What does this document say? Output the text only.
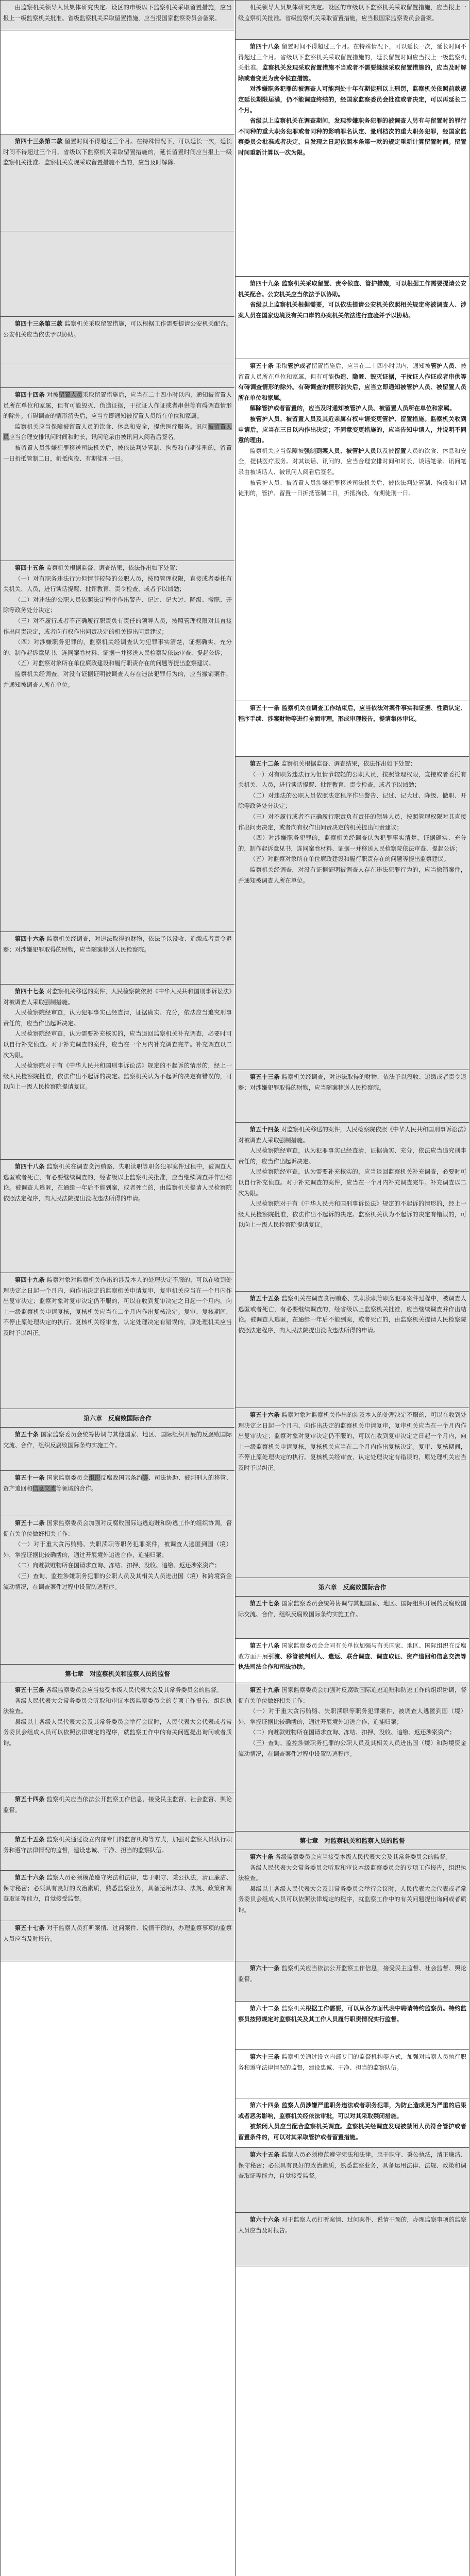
由监察机关领导人员集体研究决定。设区的市级以下监察机关采取留置措施，应当报上一级监察机关批准。省级监察机关采取留置措施，应当报国家监察委员会备案。

第四十三条第二款 留置时间不得超过三个月。在特殊情况下，可以延长一次，延长时间不得超过三个月。省级以下监察机关采取留置措施的，延长留置时间应当报上一级监察机关批准。监察机关发现采取留置措施不当的，应当及时解除。

第四十三条第三款 监察机关采取留置措施，可以根据工作需要提请公安机关配合。公安机关应当依法予以协助。

第四十四条 对被留置人员采取留置措施后，应当在二十四小时以内，通知被留置人员所在单位和家属，但有可能毁灭、伪造证据，干扰证人作证或者串供等有碍调查情形的除外。有碍调查的情形消失后，应当立即通知被留置人员所在单位和家属。

监察机关应当保障被留置人员的饮食、休息和安全，提供医疗服务。讯问被留置人员应当合理安排讯问时间和时长，讯问笔录由被讯问人阅看后签名。

被留置人员涉嫌犯罪移送司法机关后，被依法判处管制、拘役和有期徒刑的，留置一日折抵管制二日，折抵拘役、有期徒刑一日。

第四十五条 监察机关根据监督、调查结果，依法作出如下处置：

（一）对有职务违法行为但情节较轻的公职人员，按照管理权限，直接或者委托有关机关、人员，进行谈话提醒、批评教育、责令检查，或者予以诫勉；

（二）对违法的公职人员依照法定程序作出警告、记过、记大过、降级、撤职、开除等政务处分决定；

（三）对不履行或者不正确履行职责负有责任的领导人员，按照管理权限对其直接作出问责决定，或者向有权作出问责决定的机关提出问责建议；

（四）对涉嫌职务犯罪的，监察机关经调查认为犯罪事实清楚，证据确实、充分的，制作起诉意见书，连同案卷材料、证据一并移送人民检察院依法审查、提起公诉；

（五）对监察对象所在单位廉政建设和履行职责存在的问题等提出监察建议。

监察机关经调查，对没有证据证明被调查人存在违法犯罪行为的，应当撤销案件，并通知被调查人所在单位。

第四十六条 监察机关经调查，对违法取得的财物，依法予以没收、追缴或者责令退赔；对涉嫌犯罪取得的财物，应当随案移送人民检察院。

第四十七条 对监察机关移送的案件，人民检察院依照《中华人民共和国刑事诉讼法》对被调查人采取强制措施。

人民检察院经审查，认为犯罪事实已经查清，证据确实、充分，依法应当追究刑事责任的，应当作出起诉决定。

人民检察院经审查，认为需要补充核实的，应当退回监察机关补充调查，必要时可以自行补充侦查。对于补充调查的案件，应当在一个月内补充调查完毕。补充调查以二次为限。

人民检察院对于有《中华人民共和国刑事诉讼法》规定的不起诉的情形的，经上一级人民检察院批准，依法作出不起诉的决定。监察机关认为不起诉的决定有错误的，可以向上一级人民检察院提请复议。

第四十八条 监察机关在调查贪污贿赂、失职渎职等职务犯罪案件过程中，被调查人逃匿或者死亡，有必要继续调查的，经省级以上监察机关批准，应当继续调查并作出结论。被调查人逃匿，在通缉一年后不能到案，或者死亡的，由监察机关提请人民检察院依照法定程序，向人民法院提出没收违法所得的申请。

第四十九条 监察对象对监察机关作出的涉及本人的处理决定不服的，可以在收到处理决定之日起一个月内，向作出决定的监察机关申请复审，复审机关应当在一个月内作出复审决定；监察对象对复审决定仍不服的，可以在收到复审决定之日起一个月内，向上一级监察机关申请复核，复核机关应当在二个月内作出复核决定。复审、复核期间，不停止原处理决定的执行。复核机关经审查，认定处理决定有错误的，原处理机关应当及时予以纠正。

第六章　反腐败国际合作

第五十条 国家监察委员会统筹协调与其他国家、地区、国际组织开展的反腐败国际交流、合作，组织反腐败国际条约实施工作。

第五十一条 国家监察委员会组织反腐败国际条约等、司法协助、被判刑人的移管、资产追回和信息交流等领域的合作。

第五十二条 国家监察委员会加强对反腐败国际追逃追赃和防逃工作的组织协调，督促有关单位做好相关工作：

（一）对于重大贪污贿赂、失职渎职等职务犯罪案件，被调查人逃匿到国（境）外，掌握证据比较确凿的，通过开展境外追逃合作，追捕归案；

（二）向赃款赃物所在国请求查询、冻结、扣押、没收、追缴、返还涉案资产；

（三）查询、监控涉嫌职务犯罪的公职人员及其相关人员进出国（境）和跨境资金流动情况，在调查案件过程中设置防逃程序。

第七章　对监察机关和监察人员的监督

第五十三条 各级监察委员会应当接受本级人民代表大会及其常务委员会的监督。

各级人民代表大会常务委员会听取和审议本级监察委员会的专项工作报告，组织执法检查。

县级以上各级人民代表大会及其常务委员会举行会议时，人民代表大会代表或者常务委员会组成人员可以依照法律规定的程序，就监察工作中的有关问题提出询问或者质询。

第五十四条 监察机关应当依法公开监察工作信息，接受民主监督、社会监督、舆论监督。

第五十五条 监察机关通过设立内部专门的监督机构等方式，加强对监察人员执行职务和遵守法律情况的监督，建设忠诚、干净、担当的监察队伍。

第五十六条 监察人员必须模范遵守宪法和法律，忠于职守、秉公执法，清正廉洁、保守秘密；必须具有良好的政治素质，熟悉监察业务，具备运用法律、法规、政策和调查取证等能力，自觉接受监督。

第五十七条 对于监察人员打听案情、过问案件、说情干预的，办理监察事项的监察人员应当及时报告。

机关领导人员集体研究决定。设区的市级以下监察机关采取留置措施，应当报上一级监察机关批准。省级监察机关采取留置措施，应当报国家监察委员会备案。

第四十八条 留置时间不得超过三个月。在特殊情况下，可以延长一次，延长时间不得超过三个月。省级以下监察机关采取留置措施的，延长留置时间应当报上一级监察机关批准。监察机关发现采取留置措施不当或者不需要继续采取留置措施的，应当及时解除或者变更为责令候查措施。

对涉嫌职务犯罪的被调查人可能判处十年有期徒刑以上刑罚，监察机关依照前款规定延长期限届满，仍不能调查终结的，经国家监察委员会批准或者决定，可以再延长二个月。

省级以上监察机关在调查期间，发现涉嫌职务犯罪的被调查人另有与留置时的罪行不同种的重大职务犯罪或者同种的影响罪名认定、量刑档次的重大职务犯罪，经国家监察委员会批准或者决定，自发现之日起依照本条第一款的规定重新计算留置时间。留置时间重新计算以一次为限。

第四十九条 监察机关采取留置、责令候查、管护措施，可以根据工作需要提请公安机关配合。公安机关应当依法予以协助。

省级以上监察机关根据需要，可以依法提请公安机关依照相关规定将被调查人、涉案人员在国家边境及有关口岸的办案机关依法进行查验并予以协助。

第五十条 采取管护或者留置措施后，应当在二十四小时以内，通知被管护人员、被留置人员所在单位和家属，但有可能伪造、隐匿、毁灭证据，干扰证人作证或者串供等有碍调查情形的除外。有碍调查的情形消失后，应当立即通知被管护人员、被留置人员所在单位和家属。

解除管护或者留置的，应当及时通知被管护人员、被留置人员所在单位和家属。

被管护人员、被留置人员及其近亲属有权申请变更管护、留置措施。监察机关收到申请后，应当在三日以内作出决定；不同意变更措施的，应当告知申请人，并说明不同意的理由。

监察机关应当保障被强制到案人员、被管护人员以及被留置人员的饮食、休息和安全，提供医疗服务。对其谈话、讯问的，应当合理安排时间和时长，谈话笔录、讯问笔录由被谈话人、被讯问人阅看后签名。

被管护人员、被留置人员涉嫌犯罪移送司法机关后，被依法判处管制、拘役和有期徒刑的，管护、留置一日折抵管制二日，折抵拘役、有期徒刑一日。

第五十一条 监察机关在调查工作结束后，应当依法对案件事实和证据、性质认定、程序手续、涉案财物等进行全面审理，形成审理报告，提请集体审议。

第五十二条 监察机关根据监督、调查结果，依法作出如下处置：

（一）对有职务违法行为但情节较轻的公职人员，按照管理权限，直接或者委托有关机关、人员，进行谈话提醒、批评教育、责令检查，或者予以诫勉；

（二）对违法的公职人员依照法定程序作出警告、记过、记大过、降级、撤职、开除等政务处分决定；

（三）对不履行或者不正确履行职责负有责任的领导人员，按照管理权限对其直接作出问责决定，或者向有权作出问责决定的机关提出问责建议；

（四）对涉嫌职务犯罪的，监察机关经调查认为犯罪事实清楚，证据确实、充分的，制作起诉意见书，连同案卷材料、证据一并移送人民检察院依法审查、提起公诉；

（五）对监察对象所在单位廉政建设和履行职责存在的问题等提出监察建议。

监察机关经调查，对没有证据证明被调查人存在违法犯罪行为的，应当撤销案件，并通知被调查人所在单位。

第五十三条 监察机关经调查，对违法取得的财物，依法予以没收、追缴或者责令退赔；对涉嫌犯罪取得的财物，应当随案移送人民检察院。

第五十四条 对监察机关移送的案件，人民检察院依照《中华人民共和国刑事诉讼法》对被调查人采取强制措施。

人民检察院经审查，认为犯罪事实已经查清，证据确实、充分，依法应当追究刑事责任的，应当作出起诉决定。

人民检察院经审查，认为需要补充核实的，应当退回监察机关补充调查，必要时可以自行补充侦查。对于补充调查的案件，应当在一个月内补充调查完毕。补充调查以二次为限。

人民检察院对于有《中华人民共和国刑事诉讼法》规定的不起诉的情形的，经上一级人民检察院批准，依法作出不起诉的决定。监察机关认为不起诉的决定有错误的，可以向上一级人民检察院提请复议。

第五十五条 监察机关在调查贪污贿赂、失职渎职等职务犯罪案件过程中，被调查人逃匿或者死亡，有必要继续调查的，经省级以上监察机关批准，应当继续调查并作出结论。被调查人逃匿，在通缉一年后不能到案，或者死亡的，由监察机关提请人民检察院依照法定程序，向人民法院提出没收违法所得的申请。

第五十六条 监察对象对监察机关作出的涉及本人的处理决定不服的，可以在收到处理决定之日起一个月内，向作出决定的监察机关申请复审，复审机关应当在一个月内作出复审决定；监察对象对复审决定仍不服的，可以在收到复审决定之日起一个月内，向上一级监察机关申请复核，复核机关应当在二个月内作出复核决定。复审、复核期间，不停止原处理决定的执行。复核机关经审查，认定处理决定有错误的，原处理机关应当及时予以纠正。

第六章　反腐败国际合作

第五十七条 国家监察委员会统筹协调与其他国家、地区、国际组织开展的反腐败国际交流、合作，组织反腐败国际条约实施工作。

第五十八条 国家监察委员会会同有关单位加强与有关国家、地区、国际组织在反腐败方面开展引渡、移管被判刑人、遣返、联合调查、调查取证、资产追回和信息交流等执法司法合作和司法协助。

第五十九条 国家监察委员会加强对反腐败国际追逃追赃和防逃工作的组织协调，督促有关单位做好相关工作：

（一）对于重大贪污贿赂、失职渎职等职务犯罪案件，被调查人逃匿到国（境）外，掌握证据比较确凿的，通过开展境外追逃合作，追捕归案；

（二）向赃款赃物所在国请求查询、冻结、扣押、没收、追缴、返还涉案资产；

（三）查询、监控涉嫌职务犯罪的公职人员及其相关人员进出国（境）和跨境资金流动情况，在调查案件过程中设置防逃程序。

第七章　对监察机关和监察人员的监督

第六十条 各级监察委员会应当接受本级人民代表大会及其常务委员会的监督。

各级人民代表大会常务委员会听取和审议本级监察委员会的专项工作报告，组织执法检查。

县级以上各级人民代表大会及其常务委员会举行会议时，人民代表大会代表或者常务委员会组成人员可以依照法律规定的程序，就监察工作中的有关问题提出询问或者质询。

第六十一条 监察机关应当依法公开监察工作信息，接受民主监督、社会监督、舆论监督。

第六十二条 监察机关根据工作需要，可以从各方面代表中聘请特约监察员。特约监察员按照规定对监察机关及其工作人员履行职责情况实行监督。

第六十三条 监察机关通过设立内部专门的监督机构等方式，加强对监察人员执行职务和遵守法律情况的监督，建设忠诚、干净、担当的监察队伍。

第六十四条 监察人员涉嫌严重职务违法或者职务犯罪，为防止造成更为严重的后果或者恶劣影响，监察机关经依法审批，可以对其采取禁闭措施。

被禁闭人员应当配合监察机关调查。监察机关经调查发现被禁闭人员符合管护或者留置条件的，可以对其采取管护或者留置措施。

第六十五条 监察人员必须模范遵守宪法和法律，忠于职守、秉公执法，清正廉洁、保守秘密；必须具有良好的政治素质，熟悉监察业务，具备运用法律、法规、政策和调查取证等能力，自觉接受监督。

第六十六条 对于监察人员打听案情、过问案件、说情干预的，办理监察事项的监察人员应当及时报告。
